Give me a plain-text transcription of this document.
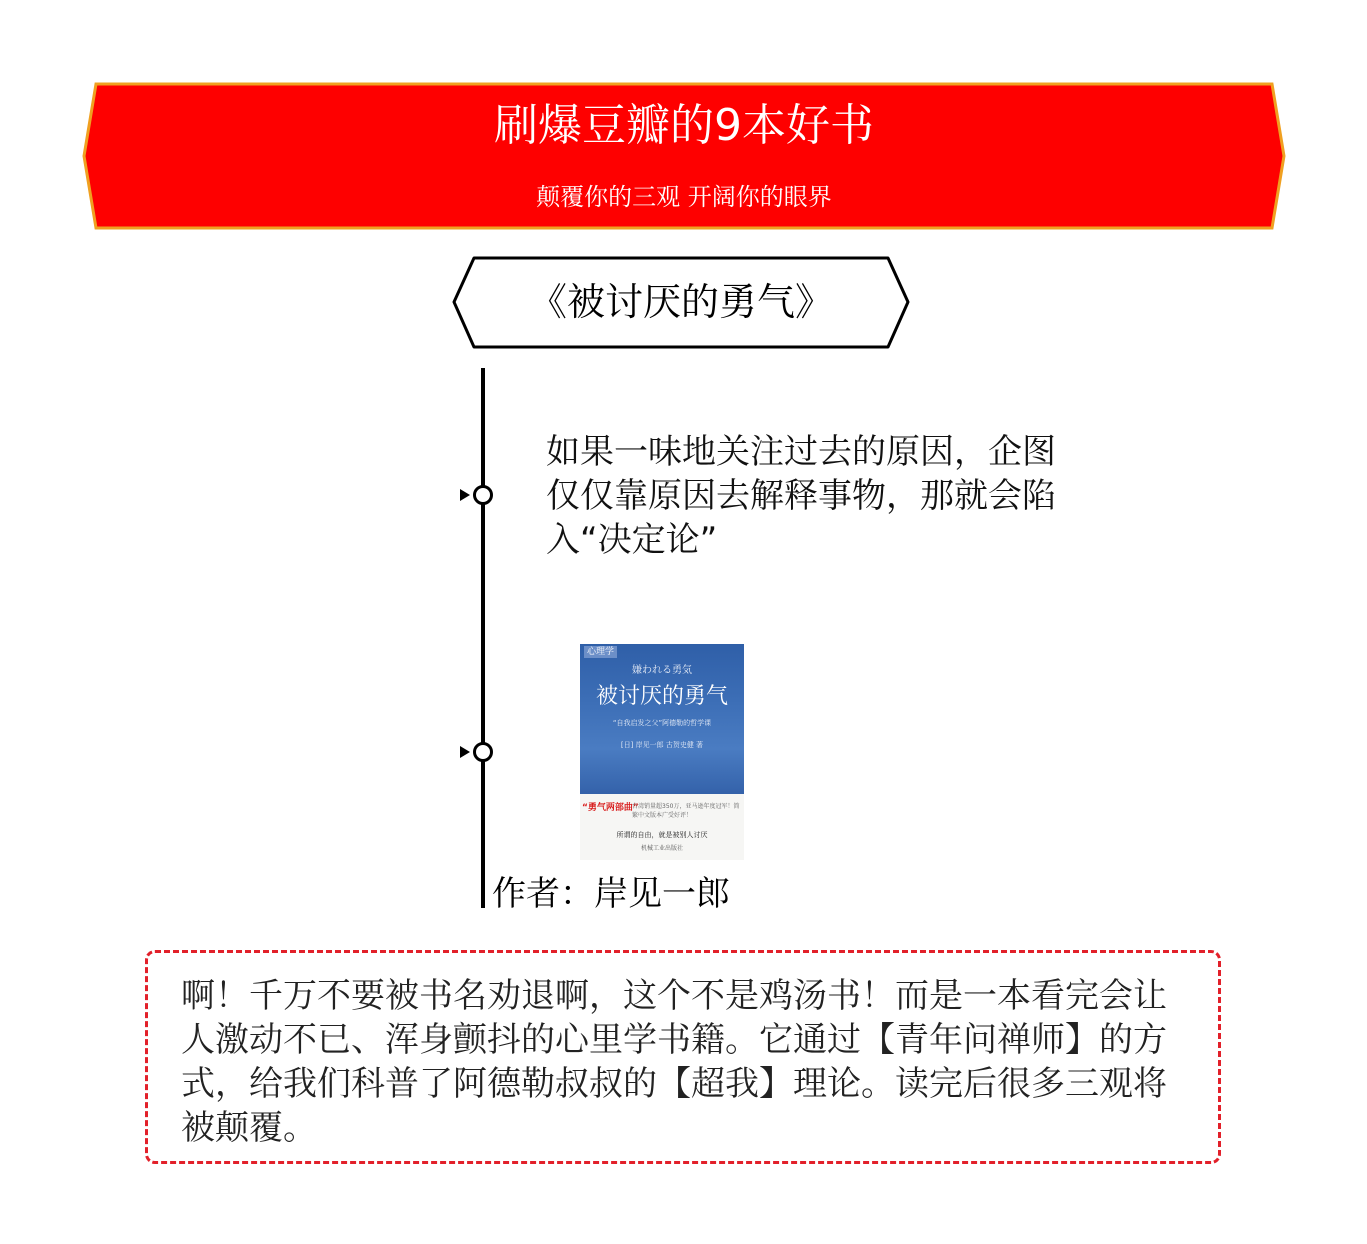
刷爆豆瓣的9本好书
颠覆你的三观 开阔你的眼界
《被讨厌的勇气》
如果一味地关注过去的原因，企图仅仅靠原因去解释事物，那就会陷入“决定论”
心理学
嫌われる勇気
被讨厌的勇气
“自我启发之父”阿德勒的哲学课
[日] 岸见一郎 古贺史健 著
“勇气两部曲”
台湾销量超350万，亚马逊年度冠军！简繁中文版本广受好评！
所谓的自由，就是被别人讨厌
机械工业出版社
作者：岸见一郎
啊！千万不要被书名劝退啊，这个不是鸡汤书！而是一本看完会让人激动不已、浑身颤抖的心里学书籍。它通过【青年问禅师】的方式，给我们科普了阿德勒叔叔的【超我】理论。读完后很多三观将被颠覆。
